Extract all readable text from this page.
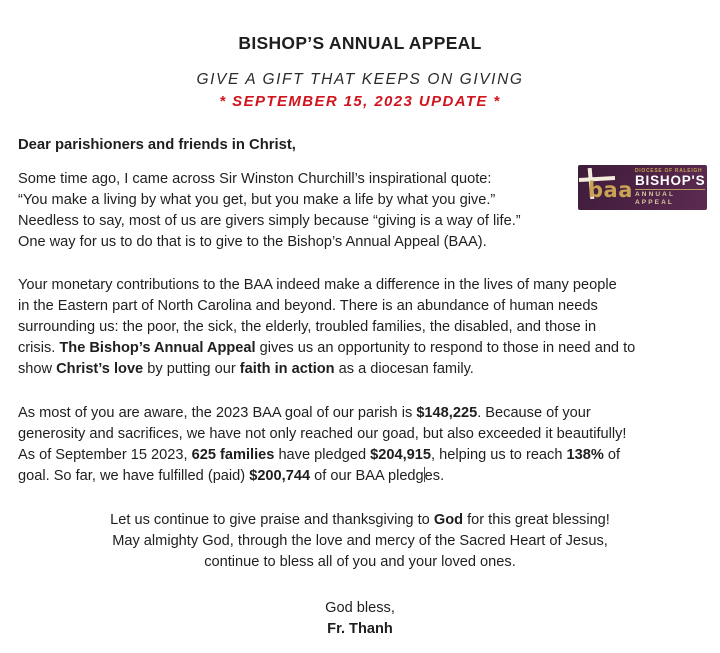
BISHOP’S ANNUAL APPEAL
GIVE A GIFT THAT KEEPS ON GIVING
* SEPTEMBER 15, 2023 UPDATE *
Dear parishioners and friends in Christ,
baa
DIOCESE OF RALEIGH
BISHOP'S
ANNUAL APPEAL
Some time ago, I came across Sir Winston Churchill’s inspirational quote:
“You make a living by what you get, but you make a life by what you give.”
Needless to say, most of us are givers simply because “giving is a way of life.”
One way for us to do that is to give to the Bishop’s Annual Appeal (BAA).
Your monetary contributions to the BAA indeed make a difference in the lives of many people
in the Eastern part of North Carolina and beyond. There is an abundance of human needs
surrounding us: the poor, the sick, the elderly, troubled families, the disabled, and those in
crisis. The Bishop’s Annual Appeal gives us an opportunity to respond to those in need and to
show Christ’s love by putting our faith in action as a diocesan family.
As most of you are aware, the 2023 BAA goal of our parish is $148,225. Because of your
generosity and sacrifices, we have not only reached our goad, but also exceeded it beautifully!
As of September 15 2023, 625 families have pledged $204,915, helping us to reach 138% of
goal. So far, we have fulfilled (paid) $200,744 of our BAA pledges.
Let us continue to give praise and thanksgiving to God for this great blessing!
May almighty God, through the love and mercy of the Sacred Heart of Jesus,
continue to bless all of you and your loved ones.
God bless,
Fr. Thanh
